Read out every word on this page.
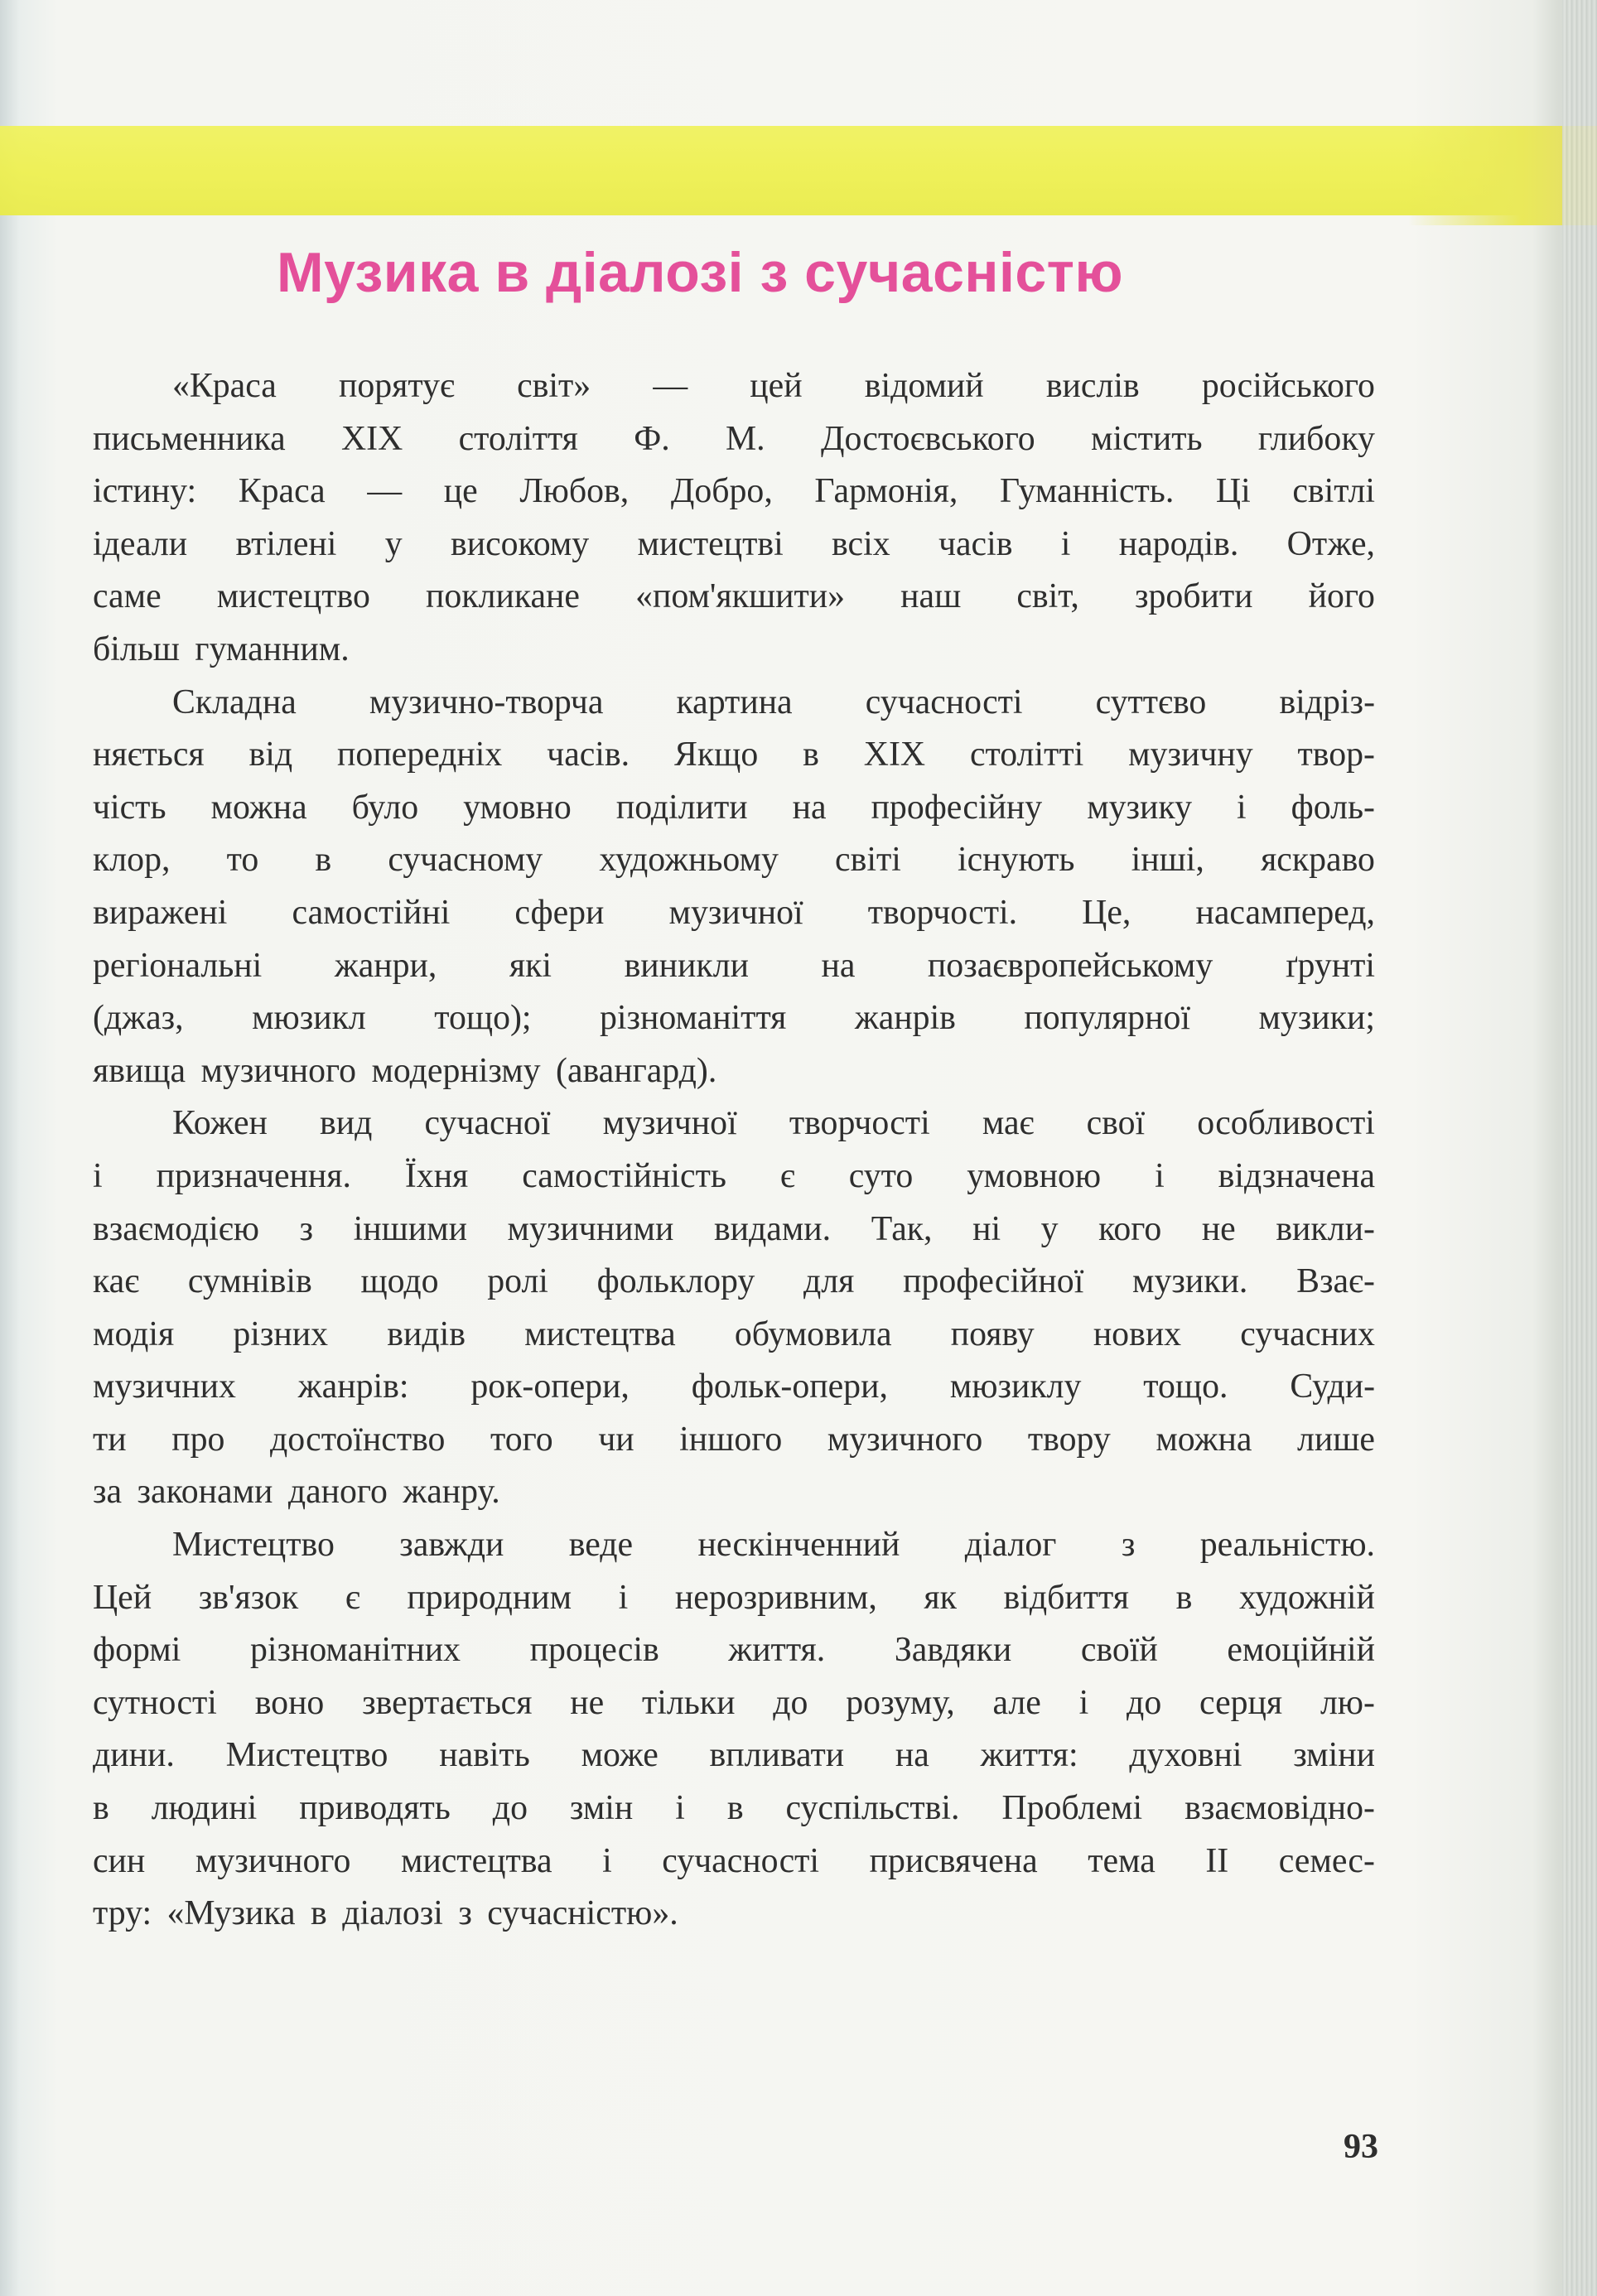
Музика в діалозі з сучасністю
«Краса порятує світ» — цей відомий вислів російського
письменника XIX століття Ф. М. Достоєвського містить глибоку
істину: Краса — це Любов, Добро, Гармонія, Гуманність. Ці світлі
ідеали втілені у високому мистецтві всіх часів і народів. Отже,
саме мистецтво покликане «пом'якшити» наш світ, зробити його
більш гуманним.
Складна музично-творча картина сучасності суттєво відріз-
няється від попередніх часів. Якщо в XIX столітті музичну твор-
чість можна було умовно поділити на професійну музику і фоль-
клор, то в сучасному художньому світі існують інші, яскраво
виражені самостійні сфери музичної творчості. Це, насамперед,
регіональні жанри, які виникли на позаєвропейському ґрунті
(джаз, мюзикл тощо); різноманіття жанрів популярної музики;
явища музичного модернізму (авангард).
Кожен вид сучасної музичної творчості має свої особливості
і призначення. Їхня самостійність є суто умовною і відзначена
взаємодією з іншими музичними видами. Так, ні у кого не викли-
кає сумнівів щодо ролі фольклору для професійної музики. Взає-
модія різних видів мистецтва обумовила появу нових сучасних
музичних жанрів: рок-опери, фольк-опери, мюзиклу тощо. Суди-
ти про достоїнство того чи іншого музичного твору можна лише
за законами даного жанру.
Мистецтво завжди веде нескінченний діалог з реальністю.
Цей зв'язок є природним і нерозривним, як відбиття в художній
формі різноманітних процесів життя. Завдяки своїй емоційній
сутності воно звертається не тільки до розуму, але і до серця лю-
дини. Мистецтво навіть може впливати на життя: духовні зміни
в людині приводять до змін і в суспільстві. Проблемі взаємовідно-
син музичного мистецтва і сучасності присвячена тема II семес-
тру: «Музика в діалозі з сучасністю».
93
